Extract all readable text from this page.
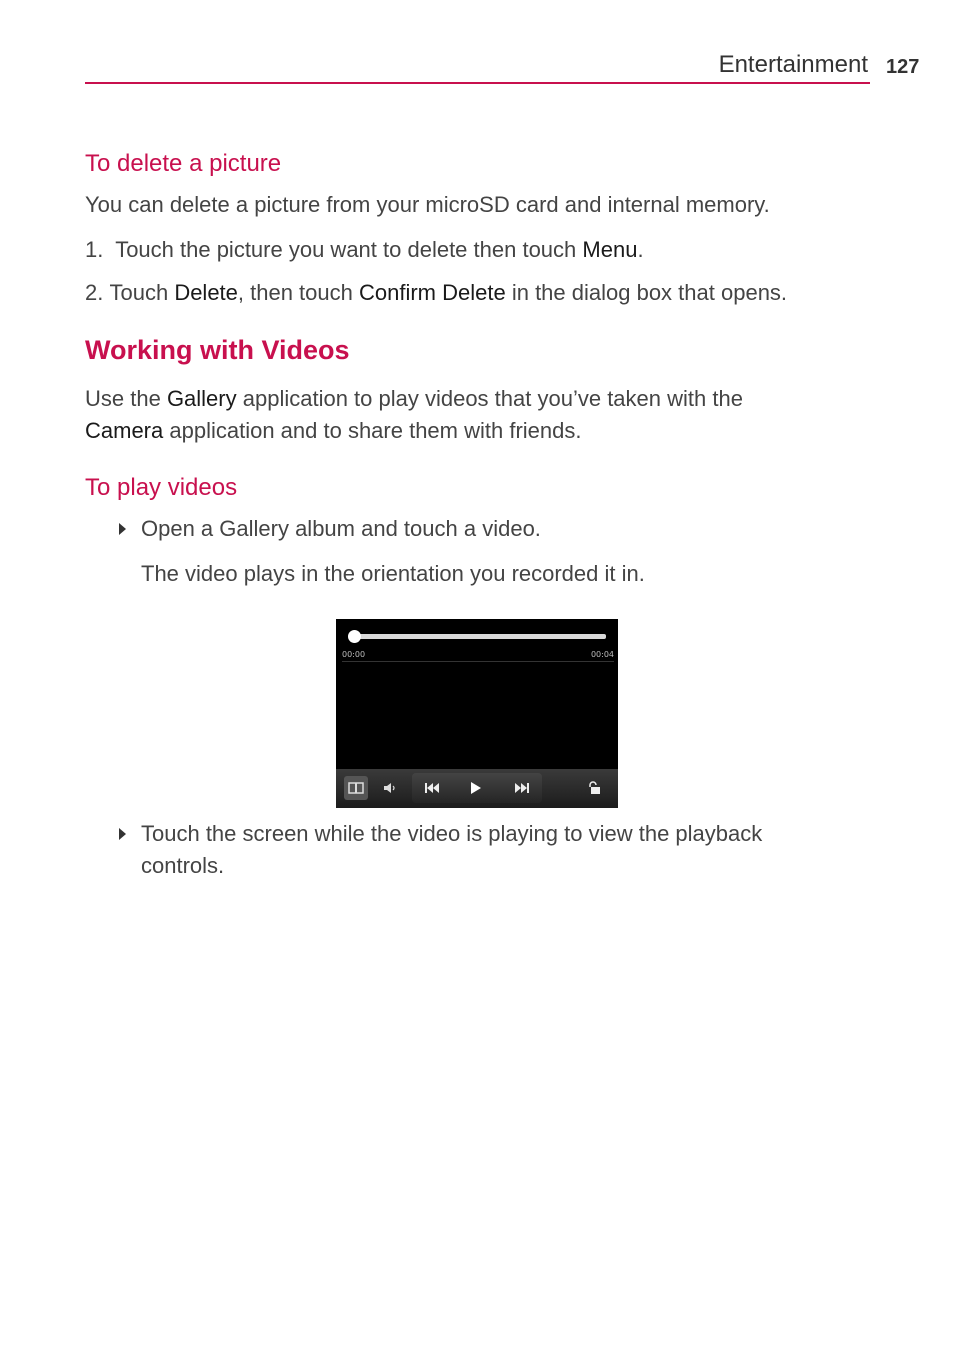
Entertainment 127
To delete a picture
You can delete a picture from your microSD card and internal memory.
1. Touch the picture you want to delete then touch Menu.
2. Touch Delete, then touch Confirm Delete in the dialog box that opens.
Working with Videos
Use the Gallery application to play videos that you’ve taken with the
Camera application and to share them with friends.
To play videos
Open a Gallery album and touch a video.
The video plays in the orientation you recorded it in.
00:00	00:04
Touch the screen while the video is playing to view the playback
controls.
